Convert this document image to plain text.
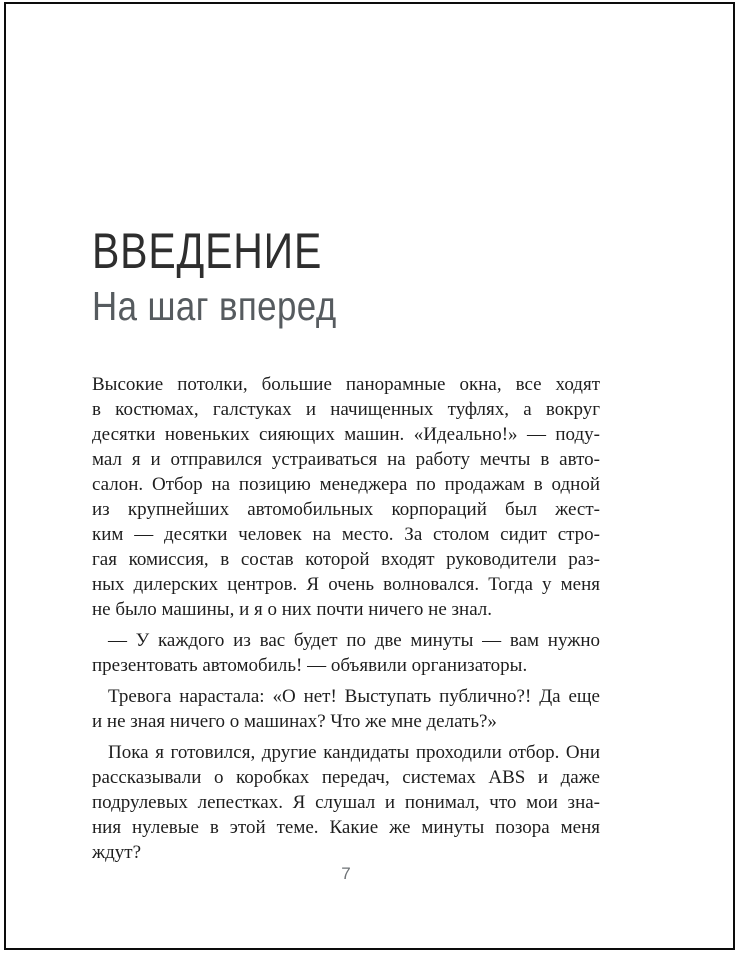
ВВЕДЕНИЕ
На шаг вперед
Высокие потолки, большие панорамные окна, все ходят
в костюмах, галстуках и начищенных туфлях, а вокруг
десятки новеньких сияющих машин. «Идеально!» — поду-
мал я и отправился устраиваться на работу мечты в авто-
салон. Отбор на позицию менеджера по продажам в одной
из крупнейших автомобильных корпораций был жест-
ким — десятки человек на место. За столом сидит стро-
гая комиссия, в состав которой входят руководители раз-
ных дилерских центров. Я очень волновался. Тогда у меня
не было машины, и я о них почти ничего не знал.
— У каждого из вас будет по две минуты — вам нужно
презентовать автомобиль! — объявили организаторы.
Тревога нарастала: «О нет! Выступать публично?! Да еще
и не зная ничего о машинах? Что же мне делать?»
Пока я готовился, другие кандидаты проходили отбор. Они
рассказывали о коробках передач, системах ABS и даже
подрулевых лепестках. Я слушал и понимал, что мои зна-
ния нулевые в этой теме. Какие же минуты позора меня
ждут?
7
